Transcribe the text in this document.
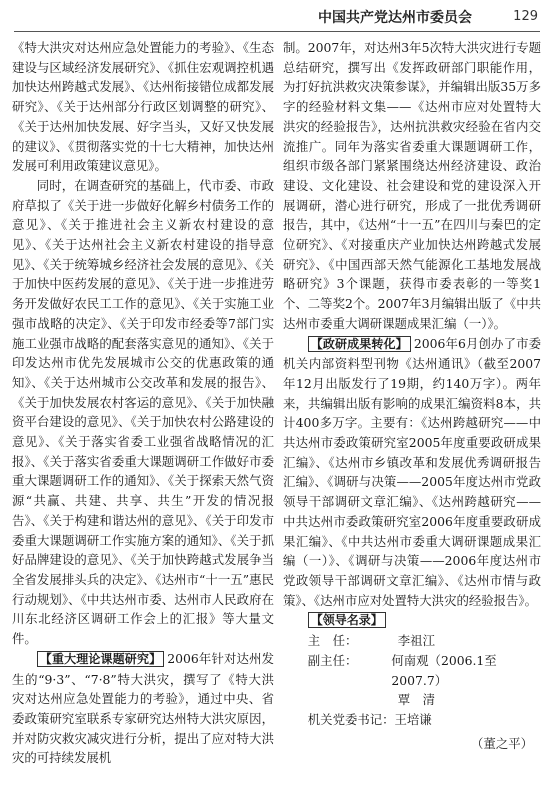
中国共产党达州市委员会	129

《特大洪灾对达州应急处置能力的考验》、《生态建设与区域经济发展研究》、《抓住宏观调控机遇加快达州跨越式发展》、《达州衔接错位成都发展研究》、《关于达州部分行政区划调整的研究》、《关于达州加快发展、好字当头，又好又快发展的建议》、《贯彻落实党的十七大精神，加快达州发展可利用政策建议意见》。

同时，在调查研究的基础上，代市委、市政府草拟了《关于进一步做好化解乡村债务工作的意见》、《关于推进社会主义新农村建设的意见》、《关于达州社会主义新农村建设的指导意见》、《关于统筹城乡经济社会发展的意见》、《关于加快中医药发展的意见》、《关于进一步推进劳务开发做好农民工工作的意见》、《关于实施工业强市战略的决定》、《关于印发市经委等7部门实施工业强市战略的配套落实意见的通知》、《关于印发达州市优先发展城市公交的优惠政策的通知》、《关于达州城市公交改革和发展的报告》、《关于加快发展农村客运的意见》、《关于加快融资平台建设的意见》、《关于加快农村公路建设的意见》、《关于落实省委工业强省战略情况的汇报》、《关于落实省委重大课题调研工作做好市委重大课题调研工作的通知》、《关于探索天然气资源“共赢、共建、共享、共生”开发的情况报告》、《关于构建和谐达州的意见》、《关于印发市委重大课题调研工作实施方案的通知》、《关于抓好品牌建设的意见》、《关于加快跨越式发展争当全省发展排头兵的决定》、《达州市“十一五”惠民行动规划》、《中共达州市委、达州市人民政府在川东北经济区调研工作会上的汇报》等大量文件。

【重大理论课题研究】 2006年针对达州发生的“9·3”、“7·8”特大洪灾，撰写了《特大洪灾对达州应急处置能力的考验》，通过中央、省委政策研究室联系专家研究达州特大洪灾原因，并对防灾救灾减灾进行分析，提出了应对特大洪灾的可持续发展机

制。2007年，对达州3年5次特大洪灾进行专题总结研究，撰写出《发挥政研部门职能作用，为打好抗洪救灾决策参谋》，并编辑出版35万多字的经验材料文集——《达州市应对处置特大洪灾的经验报告》，达州抗洪救灾经验在省内交流推广。同年为落实省委重大课题调研工作，组织市级各部门紧紧围绕达州经济建设、政治建设、文化建设、社会建设和党的建设深入开展调研，潜心进行研究，形成了一批优秀调研报告，其中，《达州“十一五”在四川与秦巴的定位研究》、《对接重庆产业加快达州跨越式发展研究》、《中国西部天然气能源化工基地发展战略研究》3个课题，获得市委表彰的一等奖1个、二等奖2个。2007年3月编辑出版了《中共达州市委重大调研课题成果汇编（一）》。

【政研成果转化】 2006年6月创办了市委机关内部资料型刊物《达州通讯》（截至2007年12月出版发行了19期，约140万字）。两年来，共编辑出版有影响的成果汇编资料8本，共计400多万字。主要有：《达州跨越研究——中共达州市委政策研究室2005年度重要政研成果汇编》、《达州市乡镇改革和发展优秀调研报告汇编》、《调研与决策——2005年度达州市党政领导干部调研文章汇编》、《达州跨越研究——中共达州市委政策研究室2006年度重要政研成果汇编》、《中共达州市委重大调研课题成果汇编（一）》、《调研与决策——2006年度达州市党政领导干部调研文章汇编》、《达州市情与政策》、《达州市应对处置特大洪灾的经验报告》。

【领导名录】

主　任：	李祖江
副主任：	何南观（2006.1至2007.7）
覃　清
机关党委书记： 王培谦
（董之平）
